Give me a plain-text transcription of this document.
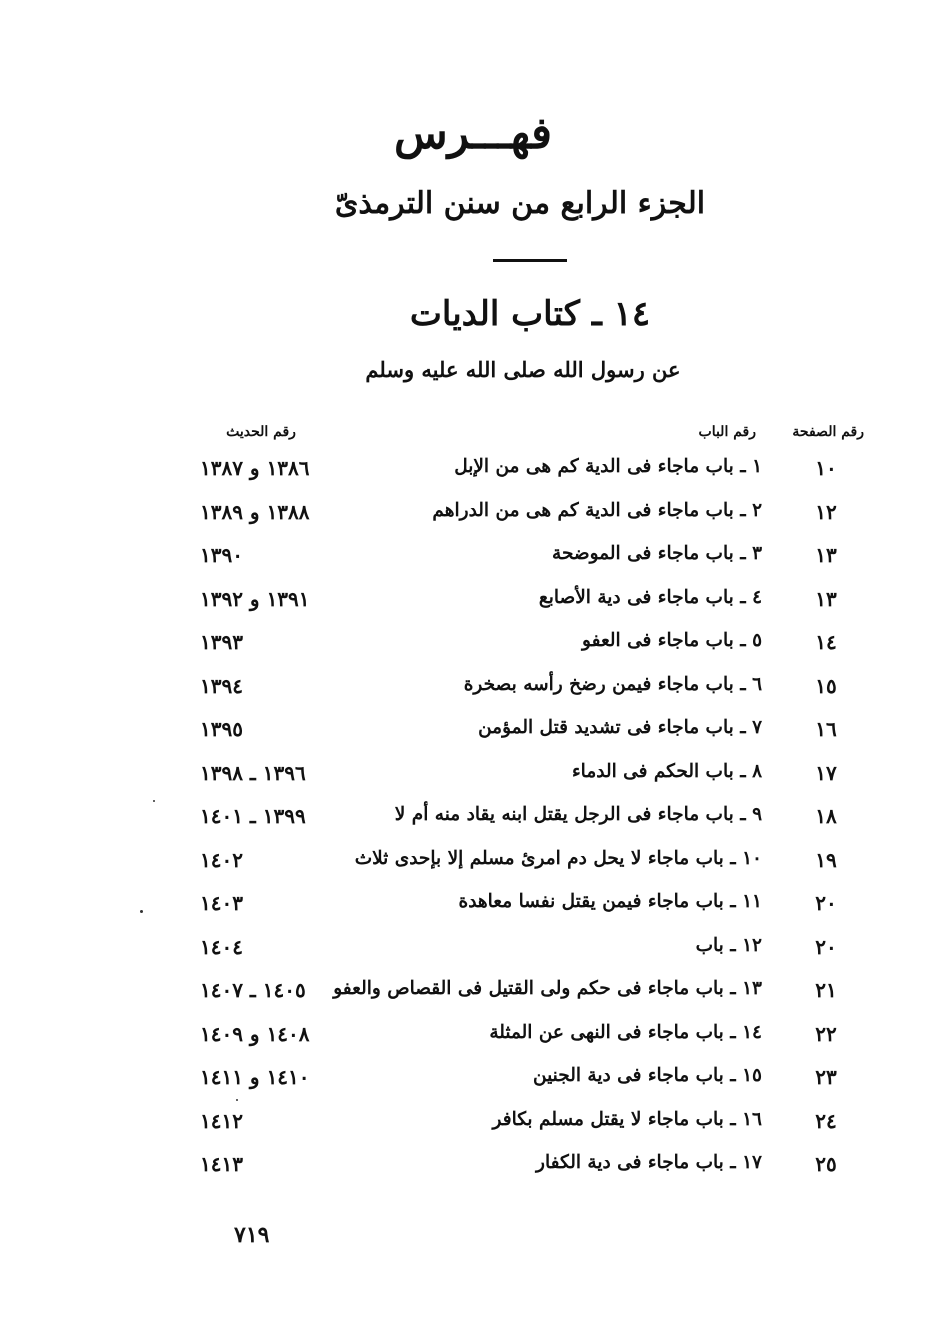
فهـــرس
الجزء الرابع من سنن الترمذىّ
١٤ ـ كتاب الديات
عن رسول الله صلى الله عليه وسلم
رقم الصفحة
رقم الباب
رقم الحديث
١٠
١ ـ باب ماجاء فى الدية كم هى من الإبل
١٣٨٦ و ١٣٨٧
١٢
٢ ـ باب ماجاء فى الدية كم هى من الدراهم
١٣٨٨ و ١٣٨٩
١٣
٣ ـ باب ماجاء فى الموضحة
١٣٩٠
١٣
٤ ـ باب ماجاء فى دية الأصابع
١٣٩١ و ١٣٩٢
١٤
٥ ـ باب ماجاء فى العفو
١٣٩٣
١٥
٦ ـ باب ماجاء فيمن رضخ رأسه بصخرة
١٣٩٤
١٦
٧ ـ باب ماجاء فى تشديد قتل المؤمن
١٣٩٥
١٧
٨ ـ باب الحكم فى الدماء
١٣٩٦ ـ ١٣٩٨
١٨
٩ ـ باب ماجاء فى الرجل يقتل ابنه يقاد منه أم لا
١٣٩٩ ـ ١٤٠١
١٩
١٠ ـ باب ماجاء لا يحل دم امرئ مسلم إلا بإحدى ثلاث
١٤٠٢
٢٠
١١ ـ باب ماجاء فيمن يقتل نفسا معاهدة
١٤٠٣
٢٠
١٢ ـ باب
١٤٠٤
٢١
١٣ ـ باب ماجاء فى حكم ولى القتيل فى القصاص والعفو
١٤٠٥ ـ ١٤٠٧
٢٢
١٤ ـ باب ماجاء فى النهى عن المثلة
١٤٠٨ و ١٤٠٩
٢٣
١٥ ـ باب ماجاء فى دية الجنين
١٤١٠ و ١٤١١
٢٤
١٦ ـ باب ماجاء لا يقتل مسلم بكافر
١٤١٢
٢٥
١٧ ـ باب ماجاء فى دية الكفار
١٤١٣
٧١٩
